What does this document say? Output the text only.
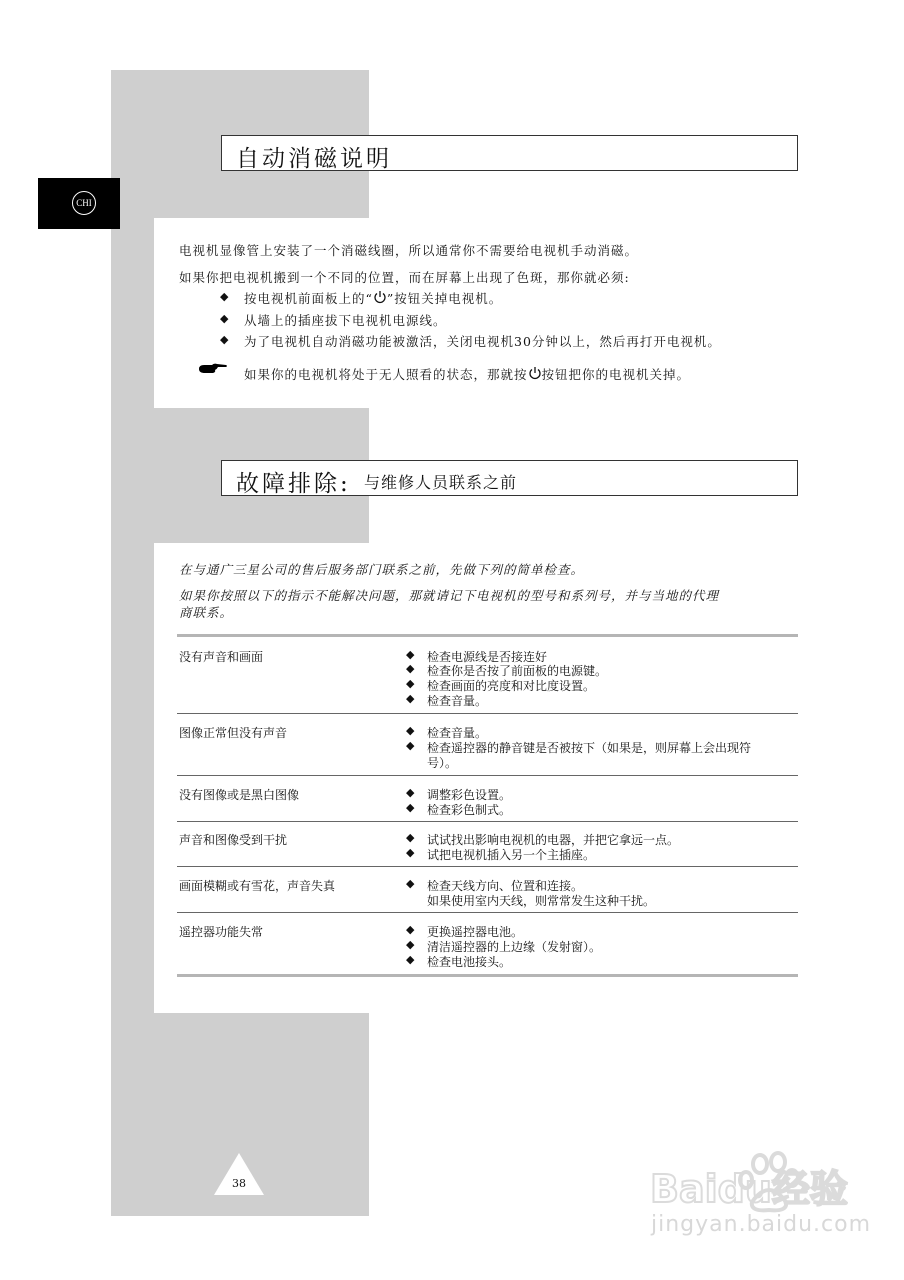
CHI
自动消磁说明
电视机显像管上安装了一个消磁线圈，所以通常你不需要给电视机手动消磁。
如果你把电视机搬到一个不同的位置，而在屏幕上出现了色斑，那你就必须:
◆ 按电视机前面板上的“ ”按钮关掉电视机。
◆ 从墙上的插座拔下电视机电源线。
◆ 为了电视机自动消磁功能被激活，关闭电视机30分钟以上，然后再打开电视机。
如果你的电视机将处于无人照看的状态，那就按 按钮把你的电视机关掉。
故障排除: 与维修人员联系之前
在与通广三星公司的售后服务部门联系之前，先做下列的简单检查。
如果你按照以下的指示不能解决问题，那就请记下电视机的型号和系列号，并与当地的代理
商联系。
没有声音和画面	◆ 检查电源线是否接连好
◆ 检查你是否按了前面板的电源键。
◆ 检查画面的亮度和对比度设置。
◆ 检查音量。
图像正常但没有声音	◆ 检查音量。
◆ 检查遥控器的静音键是否被按下（如果是，则屏幕上会出现符
号）。
没有图像或是黑白图像	◆ 调整彩色设置。
◆ 检查彩色制式。
声音和图像受到干扰	◆ 试试找出影响电视机的电器，并把它拿远一点。
◆ 试把电视机插入另一个主插座。
画面模糊或有雪花，声音失真	◆ 检查天线方向、位置和连接。
如果使用室内天线，则常常发生这种干扰。
遥控器功能失常	◆ 更换遥控器电池。
◆ 清洁遥控器的上边缘（发射窗）。
◆ 检查电池接头。
38	Baidu经验
jingyan.baidu.com
